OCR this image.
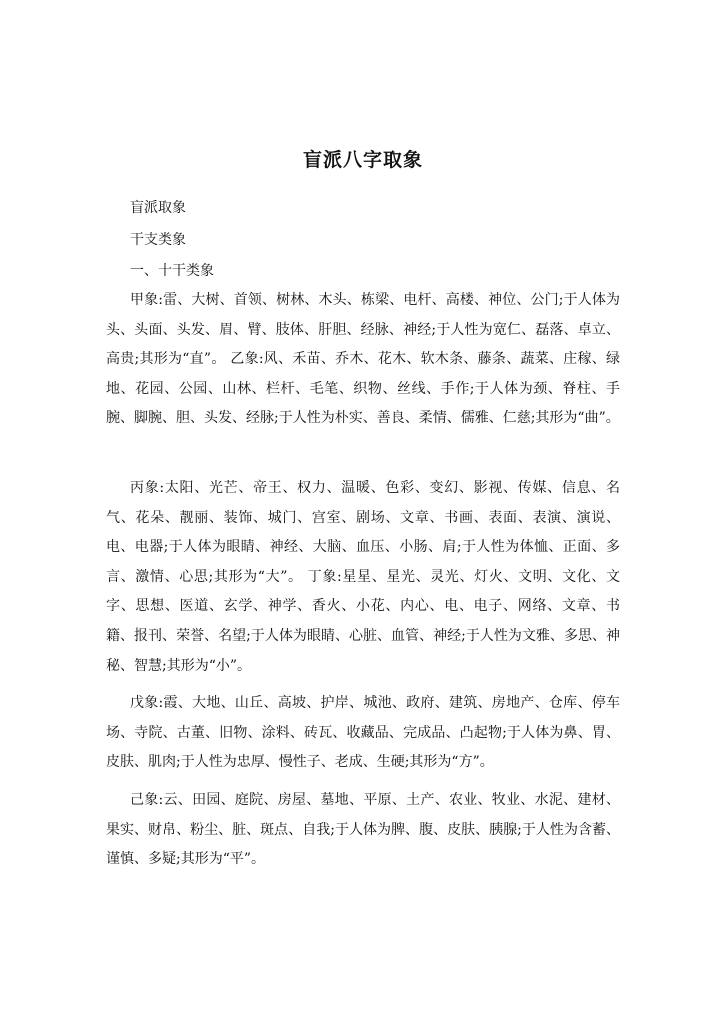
盲派八字取象
盲派取象
干支类象
一、十干类象

甲象:雷、大树、首领、树林、木头、栋梁、电杆、高楼、神位、公门;于人体为头、头面、头发、眉、臂、肢体、肝胆、经脉、神经;于人性为宽仁、磊落、卓立、高贵;其形为“直”。 乙象:风、禾苗、乔木、花木、软木条、藤条、蔬菜、庄稼、绿地、花园、公园、山林、栏杆、毛笔、织物、丝线、手作;于人体为颈、脊柱、手腕、脚腕、胆、头发、经脉;于人性为朴实、善良、柔情、儒雅、仁慈;其形为“曲”。

丙象:太阳、光芒、帝王、权力、温暖、色彩、变幻、影视、传媒、信息、名气、花朵、靓丽、装饰、城门、宫室、剧场、文章、书画、表面、表演、演说、电、电器;于人体为眼睛、神经、大脑、血压、小肠、肩;于人性为体恤、正面、多言、激情、心思;其形为“大”。 丁象:星星、星光、灵光、灯火、文明、文化、文字、思想、医道、玄学、神学、香火、小花、内心、电、电子、网络、文章、书籍、报刊、荣誉、名望;于人体为眼睛、心脏、血管、神经;于人性为文雅、多思、神秘、智慧;其形为“小”。

戊象:霞、大地、山丘、高坡、护岸、城池、政府、建筑、房地产、仓库、停车场、寺院、古董、旧物、涂料、砖瓦、收藏品、完成品、凸起物;于人体为鼻、胃、皮肤、肌肉;于人性为忠厚、慢性子、老成、生硬;其形为“方”。

己象:云、田园、庭院、房屋、墓地、平原、土产、农业、牧业、水泥、建材、果实、财帛、粉尘、脏、斑点、自我;于人体为脾、腹、皮肤、胰腺;于人性为含蓄、谨慎、多疑;其形为“平”。
